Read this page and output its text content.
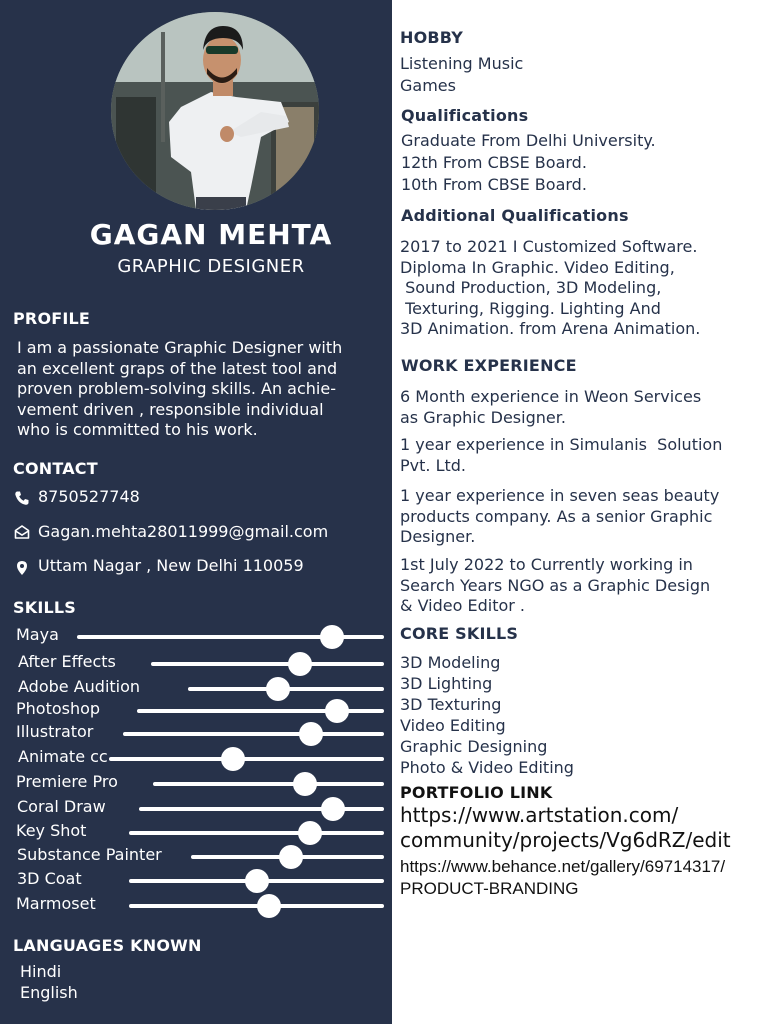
GAGAN MEHTA
GRAPHIC DESIGNER
PROFILE
I am a passionate Graphic Designer with
an excellent graps of the latest tool and
proven problem-solving skills. An achie-
vement driven , responsible individual
who is committed to his work.
CONTACT
8750527748
Gagan.mehta28011999@gmail.com
Uttam Nagar , New Delhi 110059
SKILLS
Maya
After Effects
Adobe Audition
Photoshop
Illustrator
Animate cc
Premiere Pro
Coral Draw
Key Shot
Substance Painter
3D Coat
Marmoset
LANGUAGES KNOWN
Hindi
English
HOBBY
Listening Music
Games
Qualifications
Graduate From Delhi University.
12th From CBSE Board.
10th From CBSE Board.
Additional Qualifications
2017 to 2021 I Customized Software.
Diploma In Graphic. Video Editing,
Sound Production, 3D Modeling,
Texturing, Rigging. Lighting And
3D Animation. from Arena Animation.
WORK EXPERIENCE
6 Month experience in Weon Services
as Graphic Designer.
1 year experience in Simulanis  Solution
Pvt. Ltd.
1 year experience in seven seas beauty
products company. As a senior Graphic
Designer.
1st July 2022 to Currently working in
Search Years NGO as a Graphic Design
& Video Editor .
CORE SKILLS
3D Modeling
3D Lighting
3D Texturing
Video Editing
Graphic Designing
Photo & Video Editing
PORTFOLIO LINK
https://www.artstation.com/
community/projects/Vg6dRZ/edit
https://www.behance.net/gallery/69714317/
PRODUCT-BRANDING
